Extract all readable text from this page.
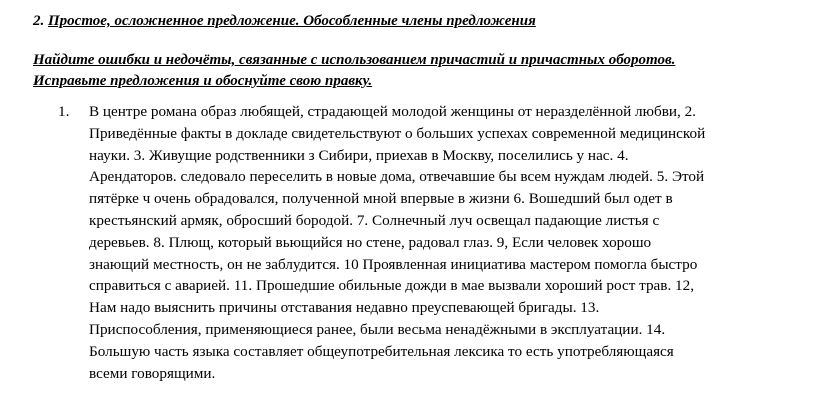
2. Простое, осложненное предложение. Обособленные члены предложения
Найдите ошибки и недочёты, связанные с использованием причастий и причастных оборотов.
Исправьте предложения и обоснуйте свою правку.
1. В центре романа образ любящей, страдающей молодой женщины от неразделённой любви, 2.
Приведённые факты в докладе свидетельствуют о больших успехах современной медицинской
науки. 3. Живущие родственники з Сибири, приехав в Москву, поселились у нас. 4.
Арендаторов. следовало переселить в новые дома, отвечавшие бы всем нуждам людей. 5. Этой
пятёрке ч очень обрадовался, полученной мной впервые в жизни 6. Вошедший был одет в
крестьянский армяк, обросший бородой. 7. Солнечный луч освещал падающие листья с
деревьев. 8. Плющ, который вьющийся но стене, радовал глаз. 9, Если человек хорошо
знающий местность, он не заблудится. 10 Проявленная инициатива мастером помогла быстро
справиться с аварией. 11. Прошедшие обильные дожди в мае вызвали хороший рост трав. 12,
Нам надо выяснить причины отставания недавно преуспевающей бригады. 13.
Приспособления, применяющиеся ранее, были весьма ненадёжными в эксплуатации. 14.
Большую часть языка составляет общеупотребительная лексика то есть употребляющаяся
всеми говорящими.
